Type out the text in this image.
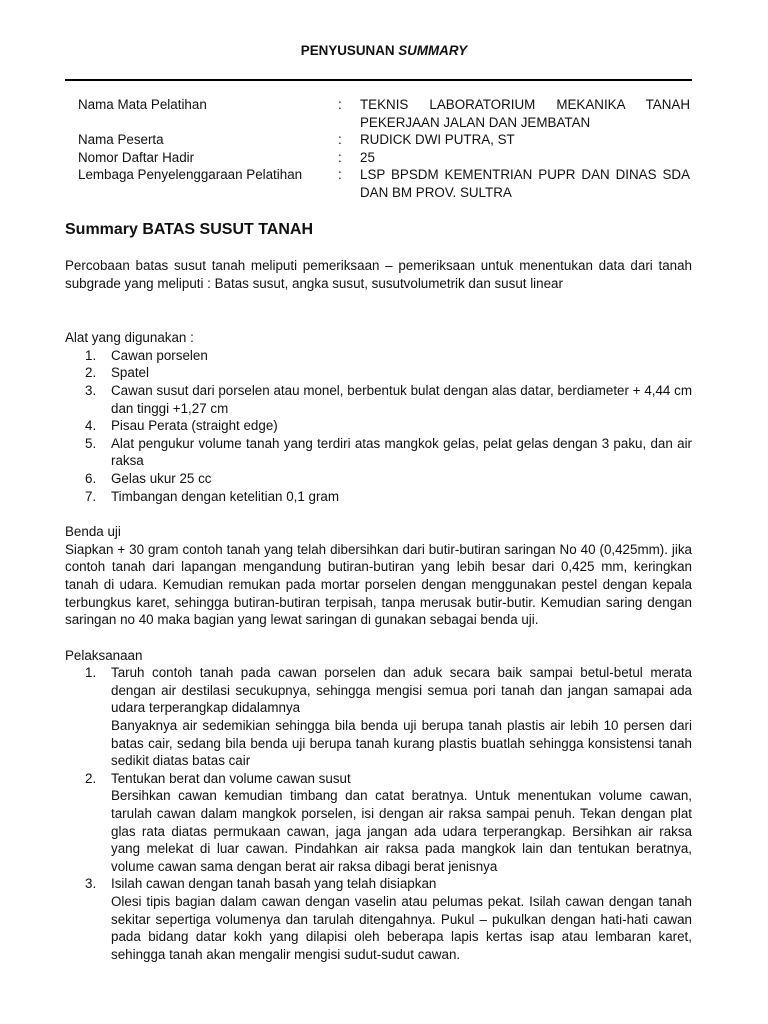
PENYUSUNAN SUMMARY
Nama Mata Pelatihan	:	TEKNIS LABORATORIUM MEKANIKA TANAH PEKERJAAN JALAN DAN JEMBATAN
Nama Peserta	:	RUDICK DWI PUTRA, ST
Nomor Daftar Hadir	:	25
Lembaga Penyelenggaraan Pelatihan	:	LSP BPSDM KEMENTRIAN PUPR DAN DINAS SDA DAN BM PROV. SULTRA
Summary BATAS SUSUT TANAH

Percobaan batas susut tanah meliputi pemeriksaan – pemeriksaan untuk menentukan data dari tanah subgrade yang meliputi : Batas susut, angka susut, susutvolumetrik dan susut linear

Alat yang digunakan :

1. Cawan porselen
2. Spatel
3. Cawan susut dari porselen atau monel, berbentuk bulat dengan alas datar, berdiameter + 4,44 cm dan tinggi +1,27 cm
4. Pisau Perata (straight edge)
5. Alat pengukur volume tanah yang terdiri atas mangkok gelas, pelat gelas dengan 3 paku, dan air raksa
6. Gelas ukur 25 cc
7. Timbangan dengan ketelitian 0,1 gram

Benda uji

Siapkan + 30 gram contoh tanah yang telah dibersihkan dari butir-butiran saringan No 40 (0,425mm). jika contoh tanah dari lapangan mengandung butiran-butiran yang lebih besar dari 0,425 mm, keringkan tanah di udara. Kemudian remukan pada mortar porselen dengan menggunakan pestel dengan kepala terbungkus karet, sehingga butiran-butiran terpisah, tanpa merusak butir-butir. Kemudian saring dengan saringan no 40 maka bagian yang lewat saringan di gunakan sebagai benda uji.

Pelaksanaan

1. Taruh contoh tanah pada cawan porselen dan aduk secara baik sampai betul-betul merata dengan air destilasi secukupnya, sehingga mengisi semua pori tanah dan jangan samapai ada udara terperangkap didalamnya
Banyaknya air sedemikian sehingga bila benda uji berupa tanah plastis air lebih 10 persen dari batas cair, sedang bila benda uji berupa tanah kurang plastis buatlah sehingga konsistensi tanah sedikit diatas batas cair
2. Tentukan berat dan volume cawan susut
Bersihkan cawan kemudian timbang dan catat beratnya. Untuk menentukan volume cawan, tarulah cawan dalam mangkok porselen, isi dengan air raksa sampai penuh. Tekan dengan plat glas rata diatas permukaan cawan, jaga jangan ada udara terperangkap. Bersihkan air raksa yang melekat di luar cawan. Pindahkan air raksa pada mangkok lain dan tentukan beratnya, volume cawan sama dengan berat air raksa dibagi berat jenisnya
3. Isilah cawan dengan tanah basah yang telah disiapkan
Olesi tipis bagian dalam cawan dengan vaselin atau pelumas pekat. Isilah cawan dengan tanah sekitar sepertiga volumenya dan tarulah ditengahnya. Pukul – pukulkan dengan hati-hati cawan pada bidang datar kokh yang dilapisi oleh beberapa lapis kertas isap atau lembaran karet, sehingga tanah akan mengalir mengisi sudut-sudut cawan.
